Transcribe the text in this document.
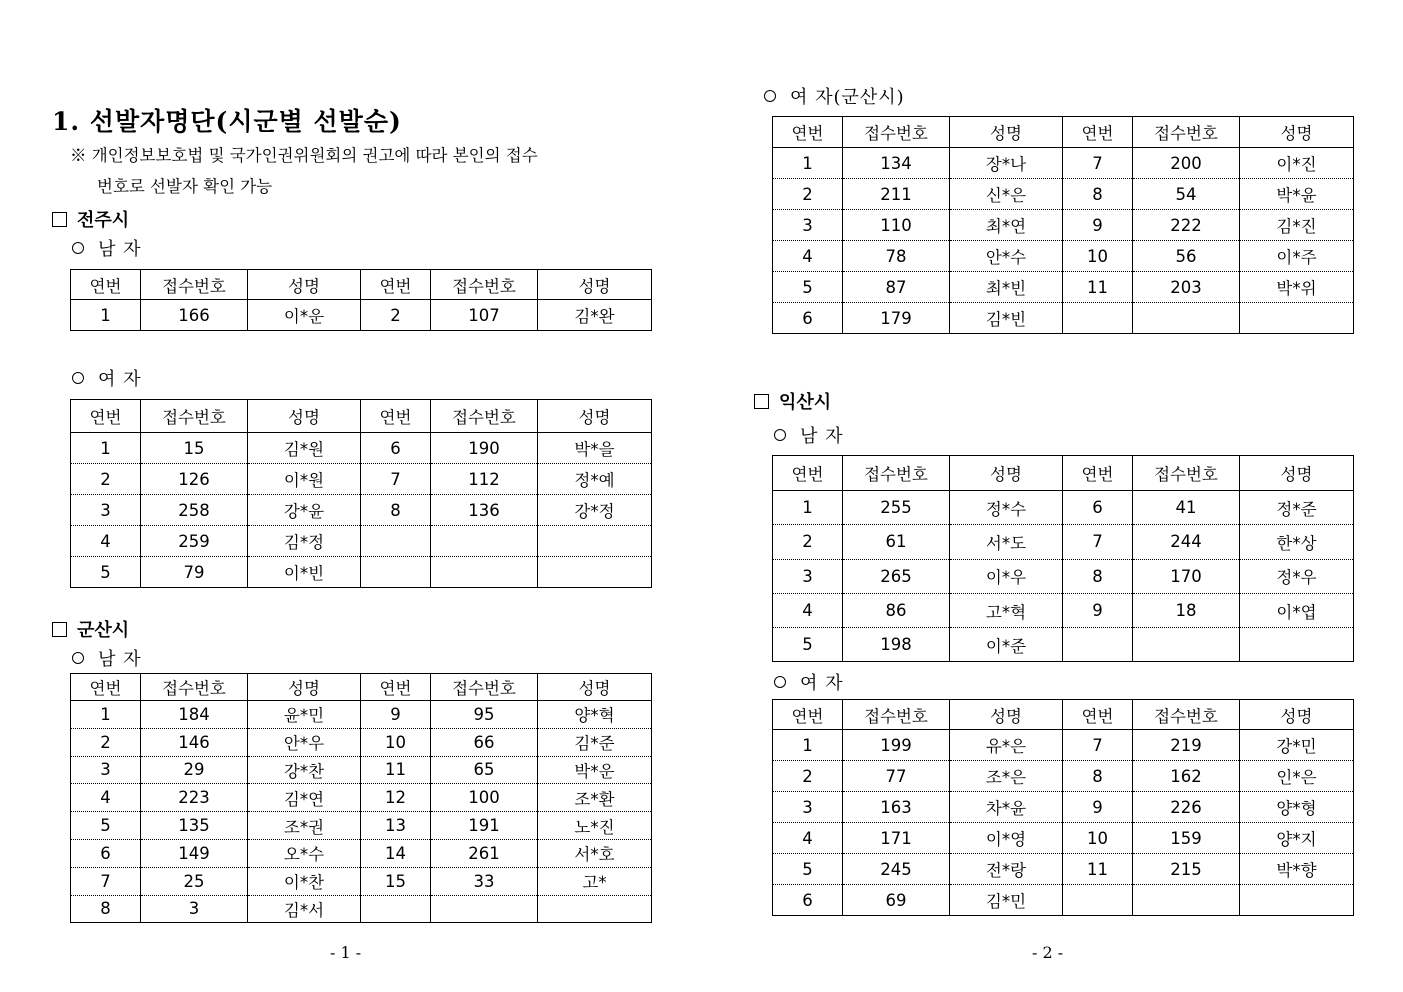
1. 선발자명단(시군별 선발순)
※ 개인정보보호법 및 국가인권위원회의 권고에 따라 본인의 접수
번호로 선발자 확인 가능
전주시
남 자
연번	접수번호	성명	연번	접수번호	성명
1	166	이*운	2	107	김*완
여 자
연번	접수번호	성명	연번	접수번호	성명
1	15	김*원	6	190	박*을
2	126	이*원	7	112	정*예
3	258	강*윤	8	136	강*정
4	259	김*정			
5	79	이*빈			
군산시
남 자
연번	접수번호	성명	연번	접수번호	성명
1	184	윤*민	9	95	양*혁
2	146	안*우	10	66	김*준
3	29	강*찬	11	65	박*운
4	223	김*연	12	100	조*환
5	135	조*권	13	191	노*진
6	149	오*수	14	261	서*호
7	25	이*찬	15	33	고*
8	3	김*서			
- 1 -
여 자(군산시)
연번	접수번호	성명	연번	접수번호	성명
1	134	장*나	7	200	이*진
2	211	신*은	8	54	박*윤
3	110	최*연	9	222	김*진
4	78	안*수	10	56	이*주
5	87	최*빈	11	203	박*위
6	179	김*빈			
익산시
남 자
연번	접수번호	성명	연번	접수번호	성명
1	255	정*수	6	41	정*준
2	61	서*도	7	244	한*상
3	265	이*우	8	170	정*우
4	86	고*혁	9	18	이*엽
5	198	이*준			
여 자
연번	접수번호	성명	연번	접수번호	성명
1	199	유*은	7	219	강*민
2	77	조*은	8	162	인*은
3	163	차*윤	9	226	양*형
4	171	이*영	10	159	양*지
5	245	전*랑	11	215	박*향
6	69	김*민			
- 2 -
